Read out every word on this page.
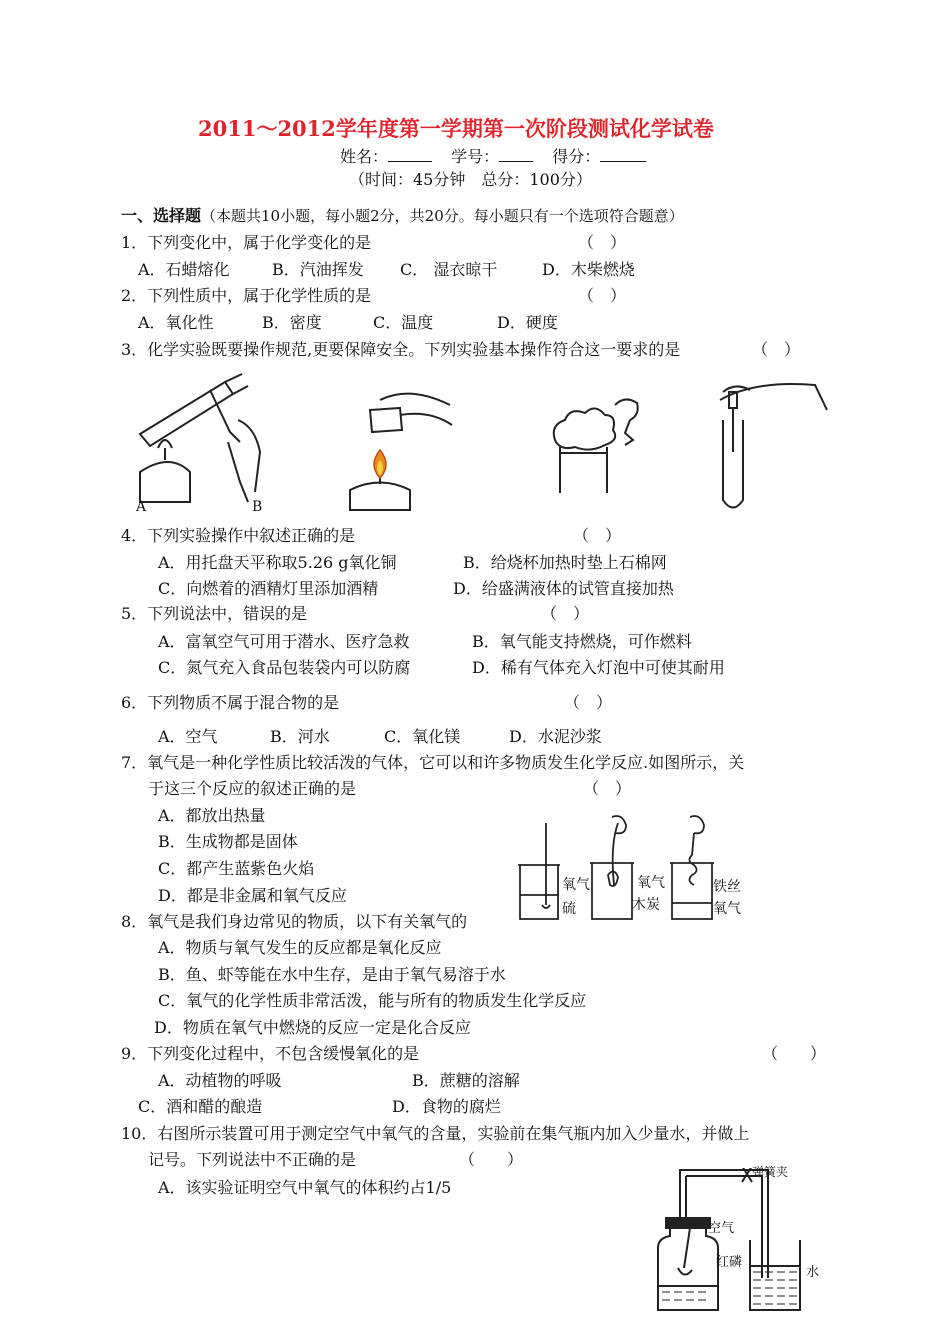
2011～2012学年度第一学期第一次阶段测试化学试卷
姓名：	学号：	得分：
（时间：45分钟　总分：100分）
一、选择题（本题共10小题，每小题2分，共20分。每小题只有一个选项符合题意）
1．下列变化中，属于化学变化的是	（　）
A．石蜡熔化	B．汽油挥发 C． 湿衣晾干	D．木柴燃烧
2．下列性质中，属于化学性质的是	（　）
A．氧化性	B．密度	C．温度	D．硬度
3．化学实验既要操作规范,更要保障安全。下列实验基本操作符合这一要求的是	（　）
A	B
4．下列实验操作中叙述正确的是	（　）
A．用托盘天平称取5.26 g氧化铜	B．给烧杯加热时垫上石棉网
C．向燃着的酒精灯里添加酒精	D．给盛满液体的试管直接加热
5．下列说法中，错误的是	（　）
A．富氧空气可用于潜水、医疗急救	B．氧气能支持燃烧，可作燃料
C．氮气充入食品包装袋内可以防腐	D．稀有气体充入灯泡中可使其耐用
6．下列物质不属于混合物的是	（　）
A．空气	B．河水	C．氧化镁	D．水泥沙浆
7．氧气是一种化学性质比较活泼的气体，它可以和许多物质发生化学反应.如图所示，关
于这三个反应的叙述正确的是	（　）
A．都放出热量
B．生成物都是固体
C．都产生蓝紫色火焰
D．都是非金属和氧气反应
氧气
硫
氧气
木炭
铁丝
氧气
8．氧气是我们身边常见的物质，以下有关氧气的
A．物质与氧气发生的反应都是氧化反应
B．鱼、虾等能在水中生存，是由于氧气易溶于水
C．氧气的化学性质非常活泼，能与所有的物质发生化学反应
D．物质在氧气中燃烧的反应一定是化合反应
9．下列变化过程中，不包含缓慢氧化的是	（　　）
A．动植物的呼吸	B．蔗糖的溶解
C．酒和醋的酿造	D．食物的腐烂
10．右图所示装置可用于测定空气中氧气的含量，实验前在集气瓶内加入少量水，并做上
记号。下列说法中不正确的是	（　　）
A．该实验证明空气中氧气的体积约占1/5
弹簧夹
空气
红磷
水
